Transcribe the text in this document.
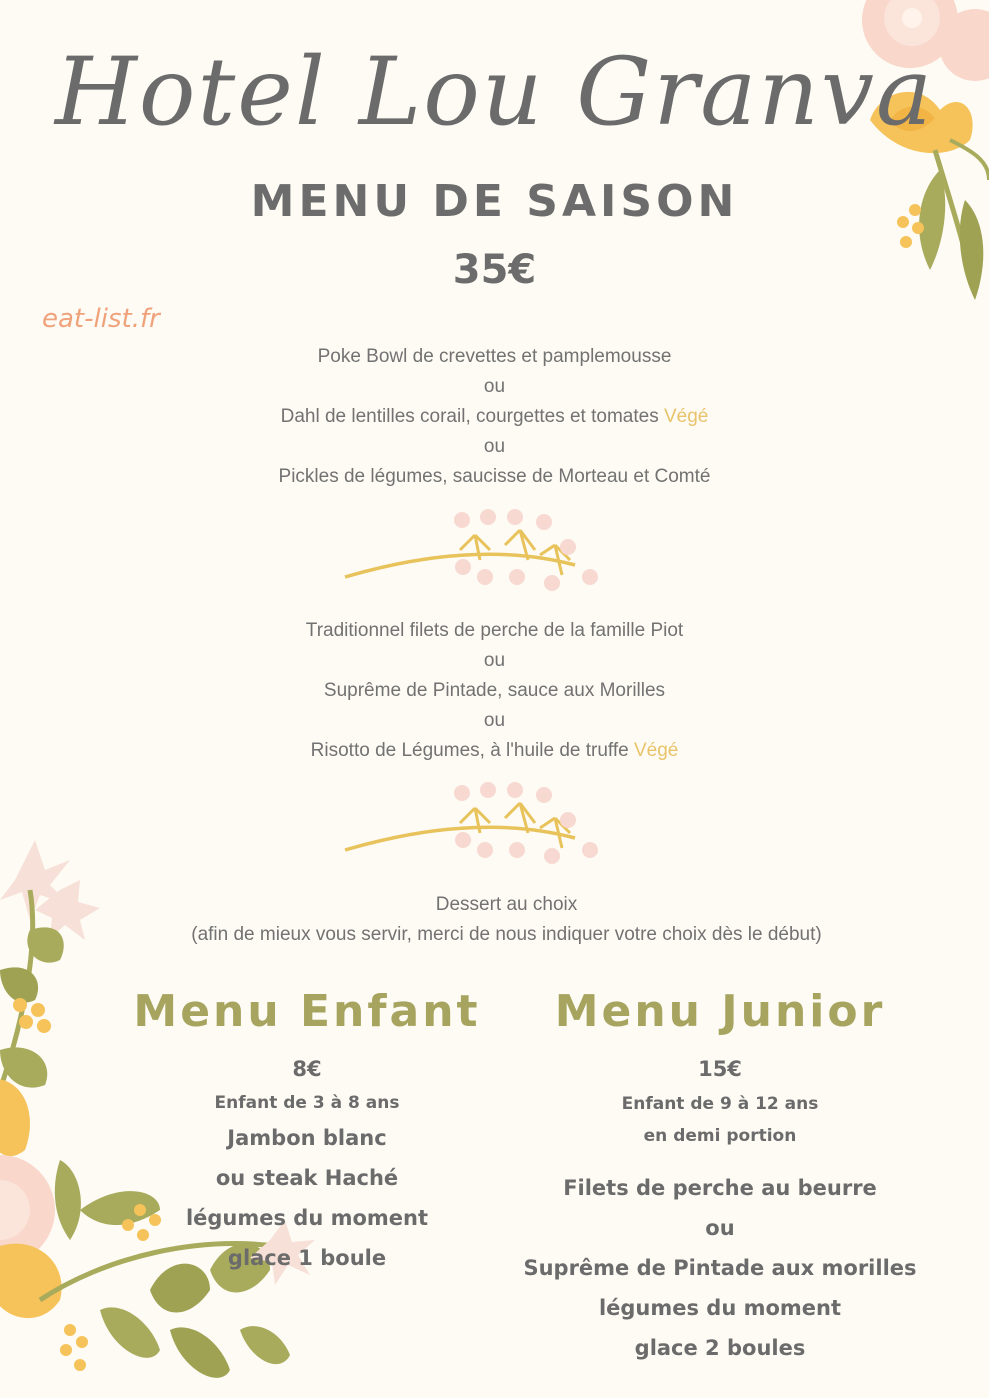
Hotel Lou Granva
MENU DE SAISON
35€
eat-list.fr
Poke Bowl de crevettes et pamplemousse
ou
Dahl de lentilles corail, courgettes et tomates Végé
ou
Pickles de légumes, saucisse de Morteau et Comté
Traditionnel filets de perche de la famille Piot
ou
Suprême de Pintade, sauce aux Morilles
ou
Risotto de Légumes, à l'huile de truffe Végé
Dessert au choix
(afin de mieux vous servir, merci de nous indiquer votre choix dès le début)
Menu Enfant
8€
Enfant de 3 à 8 ans
Jambon blanc
ou steak Haché
légumes du moment
glace 1 boule
Menu Junior
15€
Enfant de 9 à 12 ans
en demi portion
Filets de perche au beurre
ou
Suprême de Pintade aux morilles
légumes du moment
glace 2 boules
